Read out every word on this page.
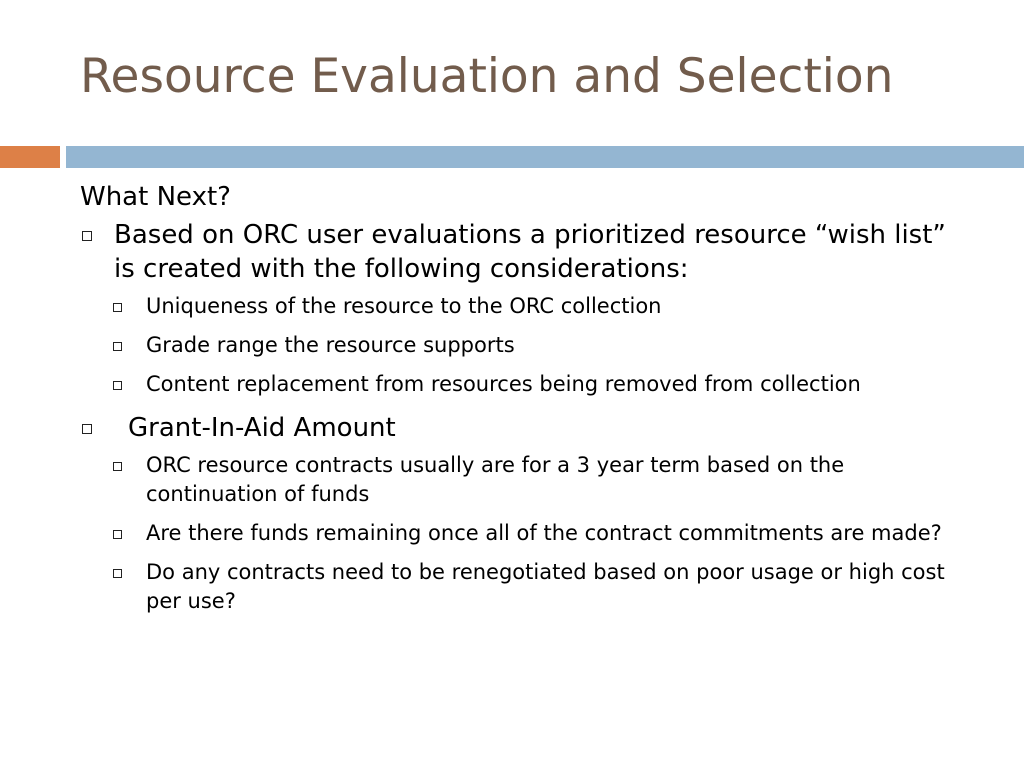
Resource Evaluation and Selection
What Next?
Based on ORC user evaluations a prioritized resource “wish list” is created with the following considerations:
Uniqueness of the resource to the ORC collection
Grade range the resource supports
Content replacement from resources being removed from collection
Grant-In-Aid Amount
ORC resource contracts usually are for a 3 year term based on the continuation of funds
Are there funds remaining once all of the contract commitments are made?
Do any contracts need to be renegotiated based on poor usage or high cost per use?
